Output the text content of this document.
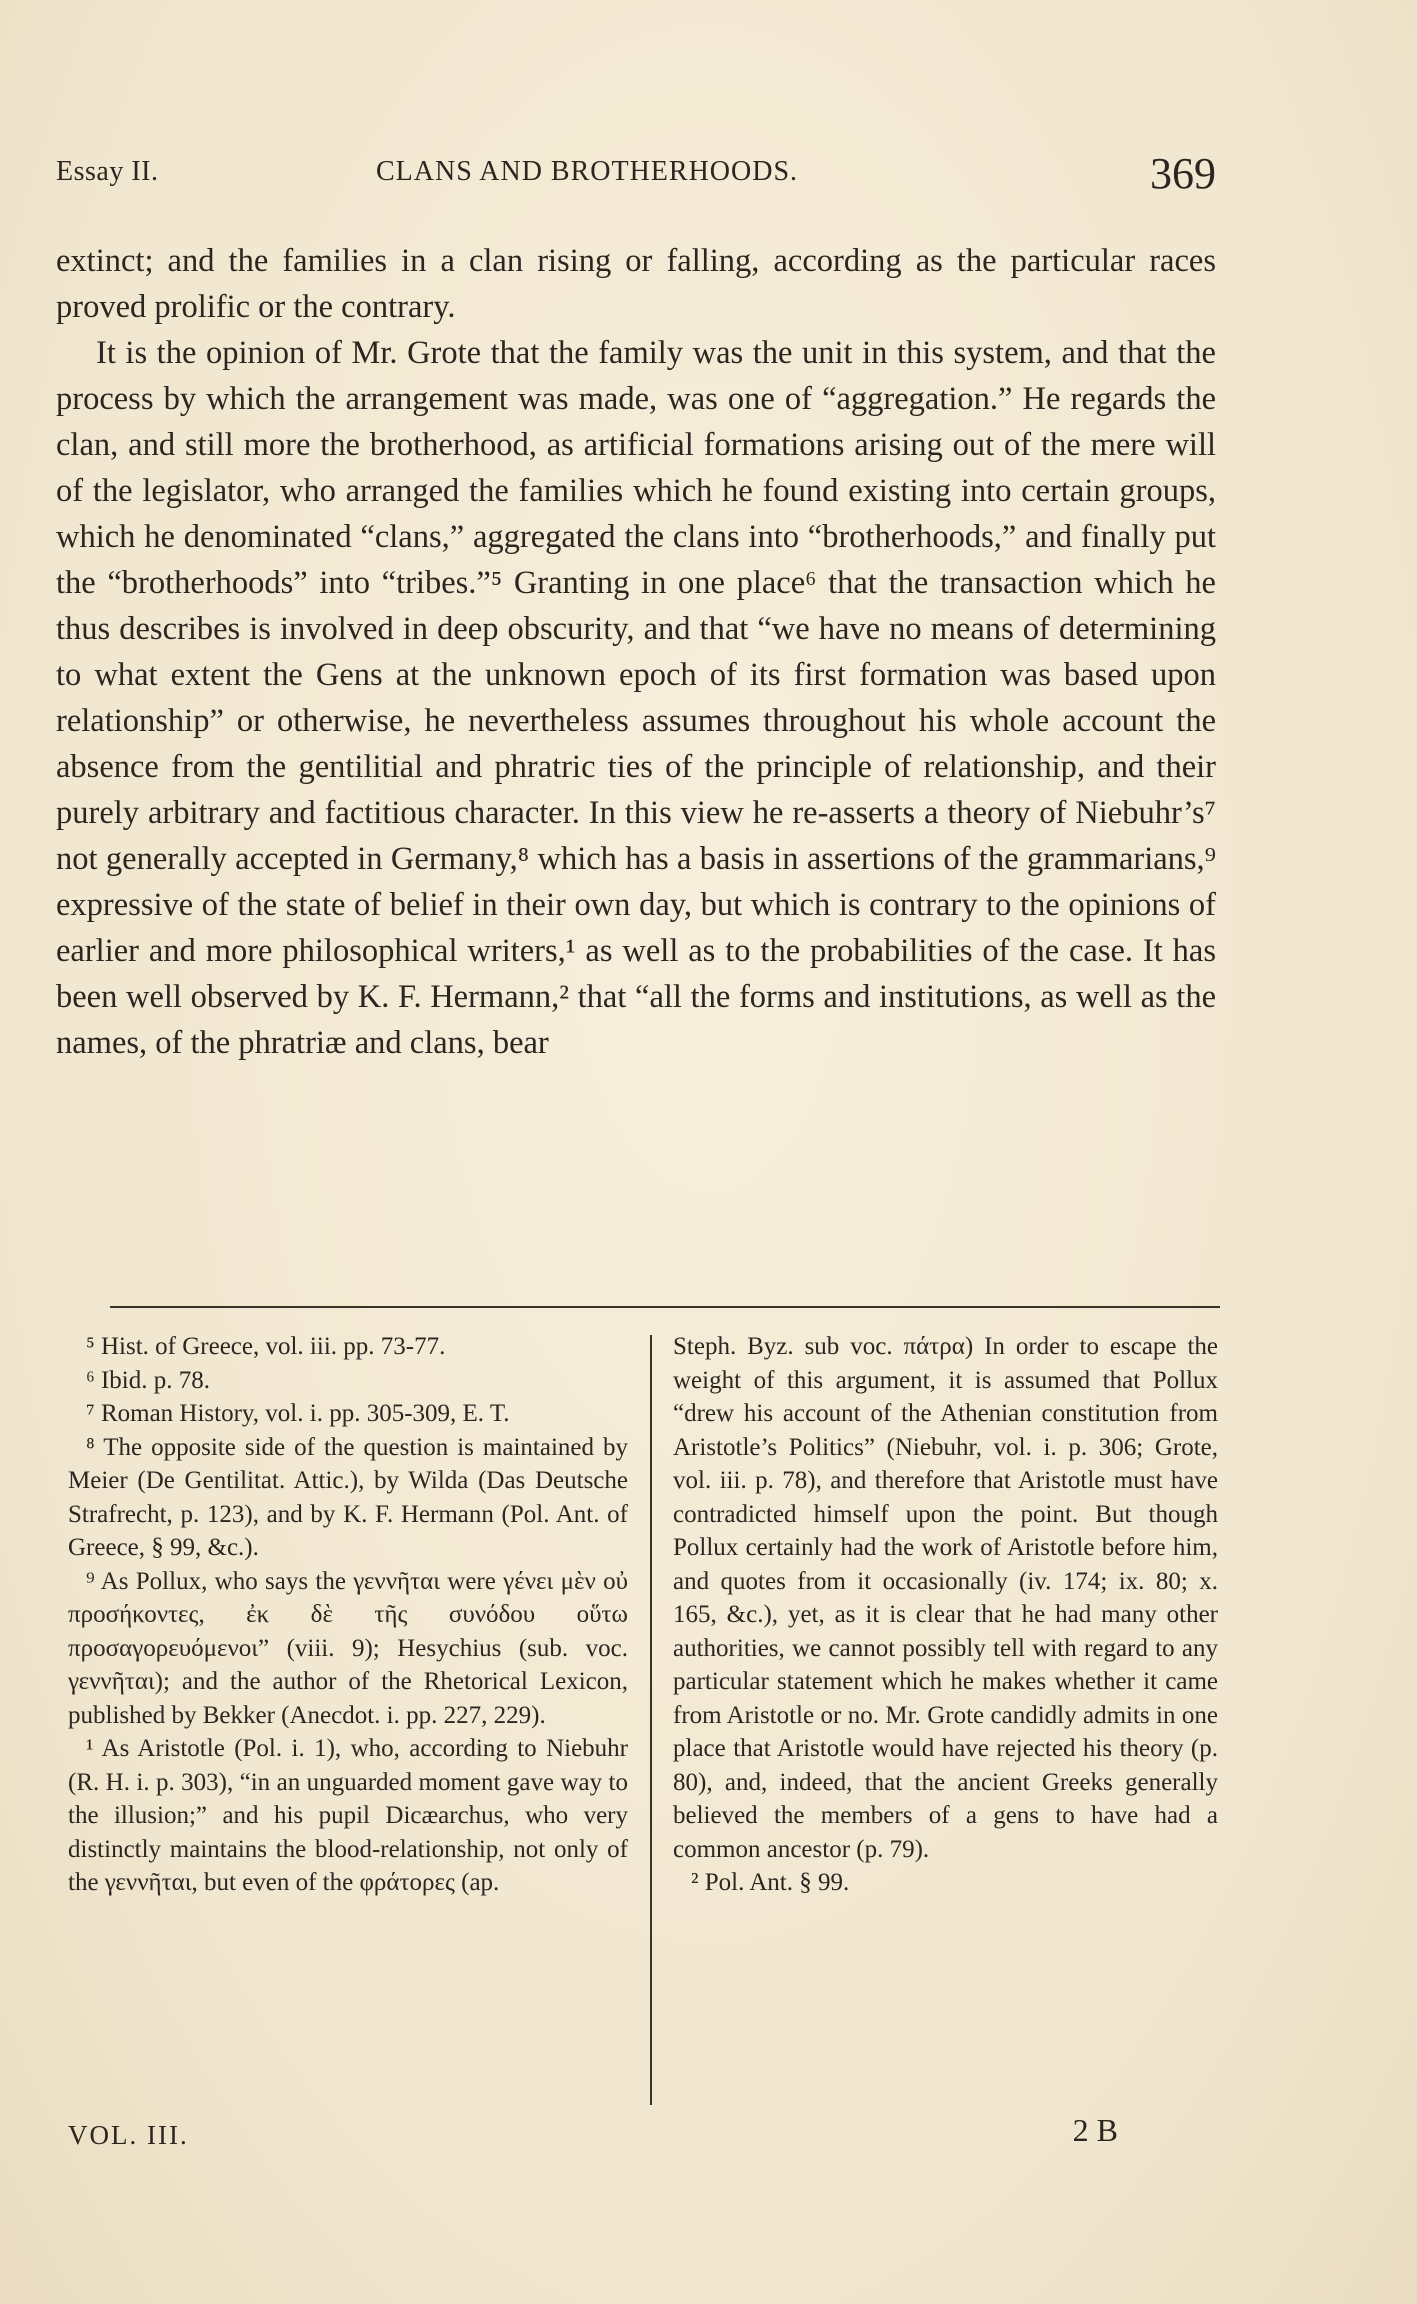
Essay II.	CLANS AND BROTHERHOODS.	369

extinct; and the families in a clan rising or falling, according as the particular races proved prolific or the contrary.

It is the opinion of Mr. Grote that the family was the unit in this system, and that the process by which the arrangement was made, was one of “aggregation.” He regards the clan, and still more the brotherhood, as artificial formations arising out of the mere will of the legislator, who arranged the families which he found existing into certain groups, which he denominated “clans,” aggregated the clans into “brotherhoods,” and finally put the “brotherhoods” into “tribes.”⁵ Granting in one place⁶ that the transaction which he thus describes is involved in deep obscurity, and that “we have no means of determining to what extent the Gens at the unknown epoch of its first formation was based upon relationship” or otherwise, he nevertheless assumes throughout his whole account the absence from the gentilitial and phratric ties of the principle of relationship, and their purely arbitrary and factitious character. In this view he re-asserts a theory of Niebuhr’s⁷ not generally accepted in Germany,⁸ which has a basis in assertions of the grammarians,⁹ expressive of the state of belief in their own day, but which is contrary to the opinions of earlier and more philosophical writers,¹ as well as to the probabilities of the case. It has been well observed by K. F. Hermann,² that “all the forms and institutions, as well as the names, of the phratriæ and clans, bear

⁵ Hist. of Greece, vol. iii. pp. 73-77.

⁶ Ibid. p. 78.

⁷ Roman History, vol. i. pp. 305-309, E. T.

⁸ The opposite side of the question is maintained by Meier (De Gentilitat. Attic.), by Wilda (Das Deutsche Strafrecht, p. 123), and by K. F. Hermann (Pol. Ant. of Greece, § 99, &c.).

⁹ As Pollux, who says the γεννῆται were γένει μὲν οὐ προσήκοντες, ἐκ δὲ τῆς συνόδου οὕτω προσαγορευόμενοι” (viii. 9); Hesychius (sub. voc. γεννῆται); and the author of the Rhetorical Lexicon, published by Bekker (Anecdot. i. pp. 227, 229).

¹ As Aristotle (Pol. i. 1), who, according to Niebuhr (R. H. i. p. 303), “in an unguarded moment gave way to the illusion;” and his pupil Dicæarchus, who very distinctly maintains the blood-relationship, not only of the γεννῆται, but even of the φράτορες (ap.

Steph. Byz. sub voc. πάτρα) In order to escape the weight of this argument, it is assumed that Pollux “drew his account of the Athenian constitution from Aristotle’s Politics” (Niebuhr, vol. i. p. 306; Grote, vol. iii. p. 78), and therefore that Aristotle must have contradicted himself upon the point. But though Pollux certainly had the work of Aristotle before him, and quotes from it occasionally (iv. 174; ix. 80; x. 165, &c.), yet, as it is clear that he had many other authorities, we cannot possibly tell with regard to any particular statement which he makes whether it came from Aristotle or no. Mr. Grote candidly admits in one place that Aristotle would have rejected his theory (p. 80), and, indeed, that the ancient Greeks generally believed the members of a gens to have had a common ancestor (p. 79).

² Pol. Ant. § 99.

VOL. III.	2 B
